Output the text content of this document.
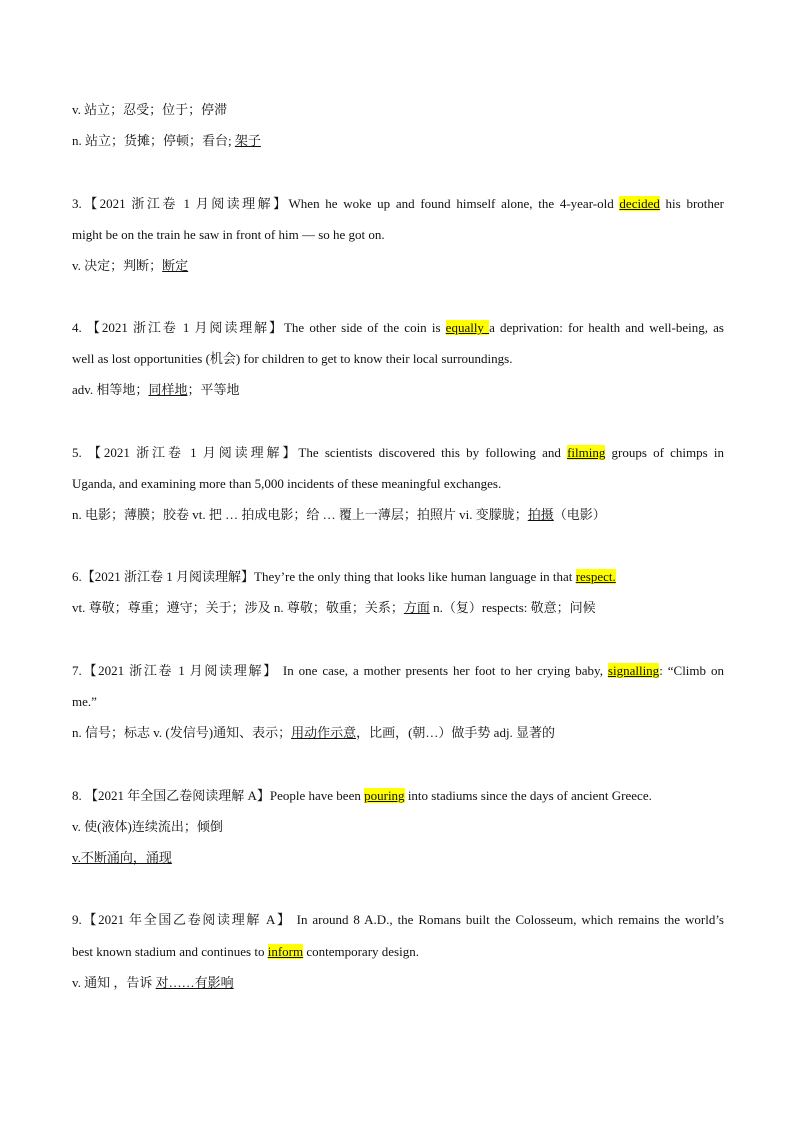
v. 站立；忍受；位于；停滞
n. 站立；货摊；停顿；看台; 架子
3.【2021 浙江卷 1 月阅读理解】When he woke up and found himself alone, the 4-year-old decided his brother
might be on the train he saw in front of him — so he got on.
v. 决定；判断；断定
4. 【2021 浙江卷 1 月阅读理解】The other side of the coin is equally a deprivation: for health and well-being, as
well as lost opportunities (机会) for children to get to know their local surroundings.
adv. 相等地；同样地；平等地
5. 【2021 浙江卷 1 月阅读理解】The scientists discovered this by following and filming groups of chimps in
Uganda, and examining more than 5,000 incidents of these meaningful exchanges.
n. 电影；薄膜；胶卷 vt. 把 … 拍成电影；给 … 覆上一薄层；拍照片 vi. 变朦胧；拍摄（电影）
6.【2021 浙江卷 1 月阅读理解】They’re the only thing that looks like human language in that respect.
vt. 尊敬；尊重；遵守；关于；涉及 n. 尊敬；敬重；关系；方面 n.（复）respects: 敬意；问候
7.【2021 浙江卷 1 月阅读理解】 In one case, a mother presents her foot to her crying baby, signalling: “Climb on
me.”
n. 信号；标志 v. (发信号)通知、表示；用动作示意，比画，(朝…）做手势 adj. 显著的
8. 【2021 年全国乙卷阅读理解 A】People have been pouring into stadiums since the days of ancient Greece.
v. 使(液体)连续流出；倾倒
v.不断涌向，涌现
9.【2021 年全国乙卷阅读理解 A】 In around 8 A.D., the Romans built the Colosseum, which remains the world’s
best known stadium and continues to inform contemporary design.
v. 通知 ，告诉 对……有影响
